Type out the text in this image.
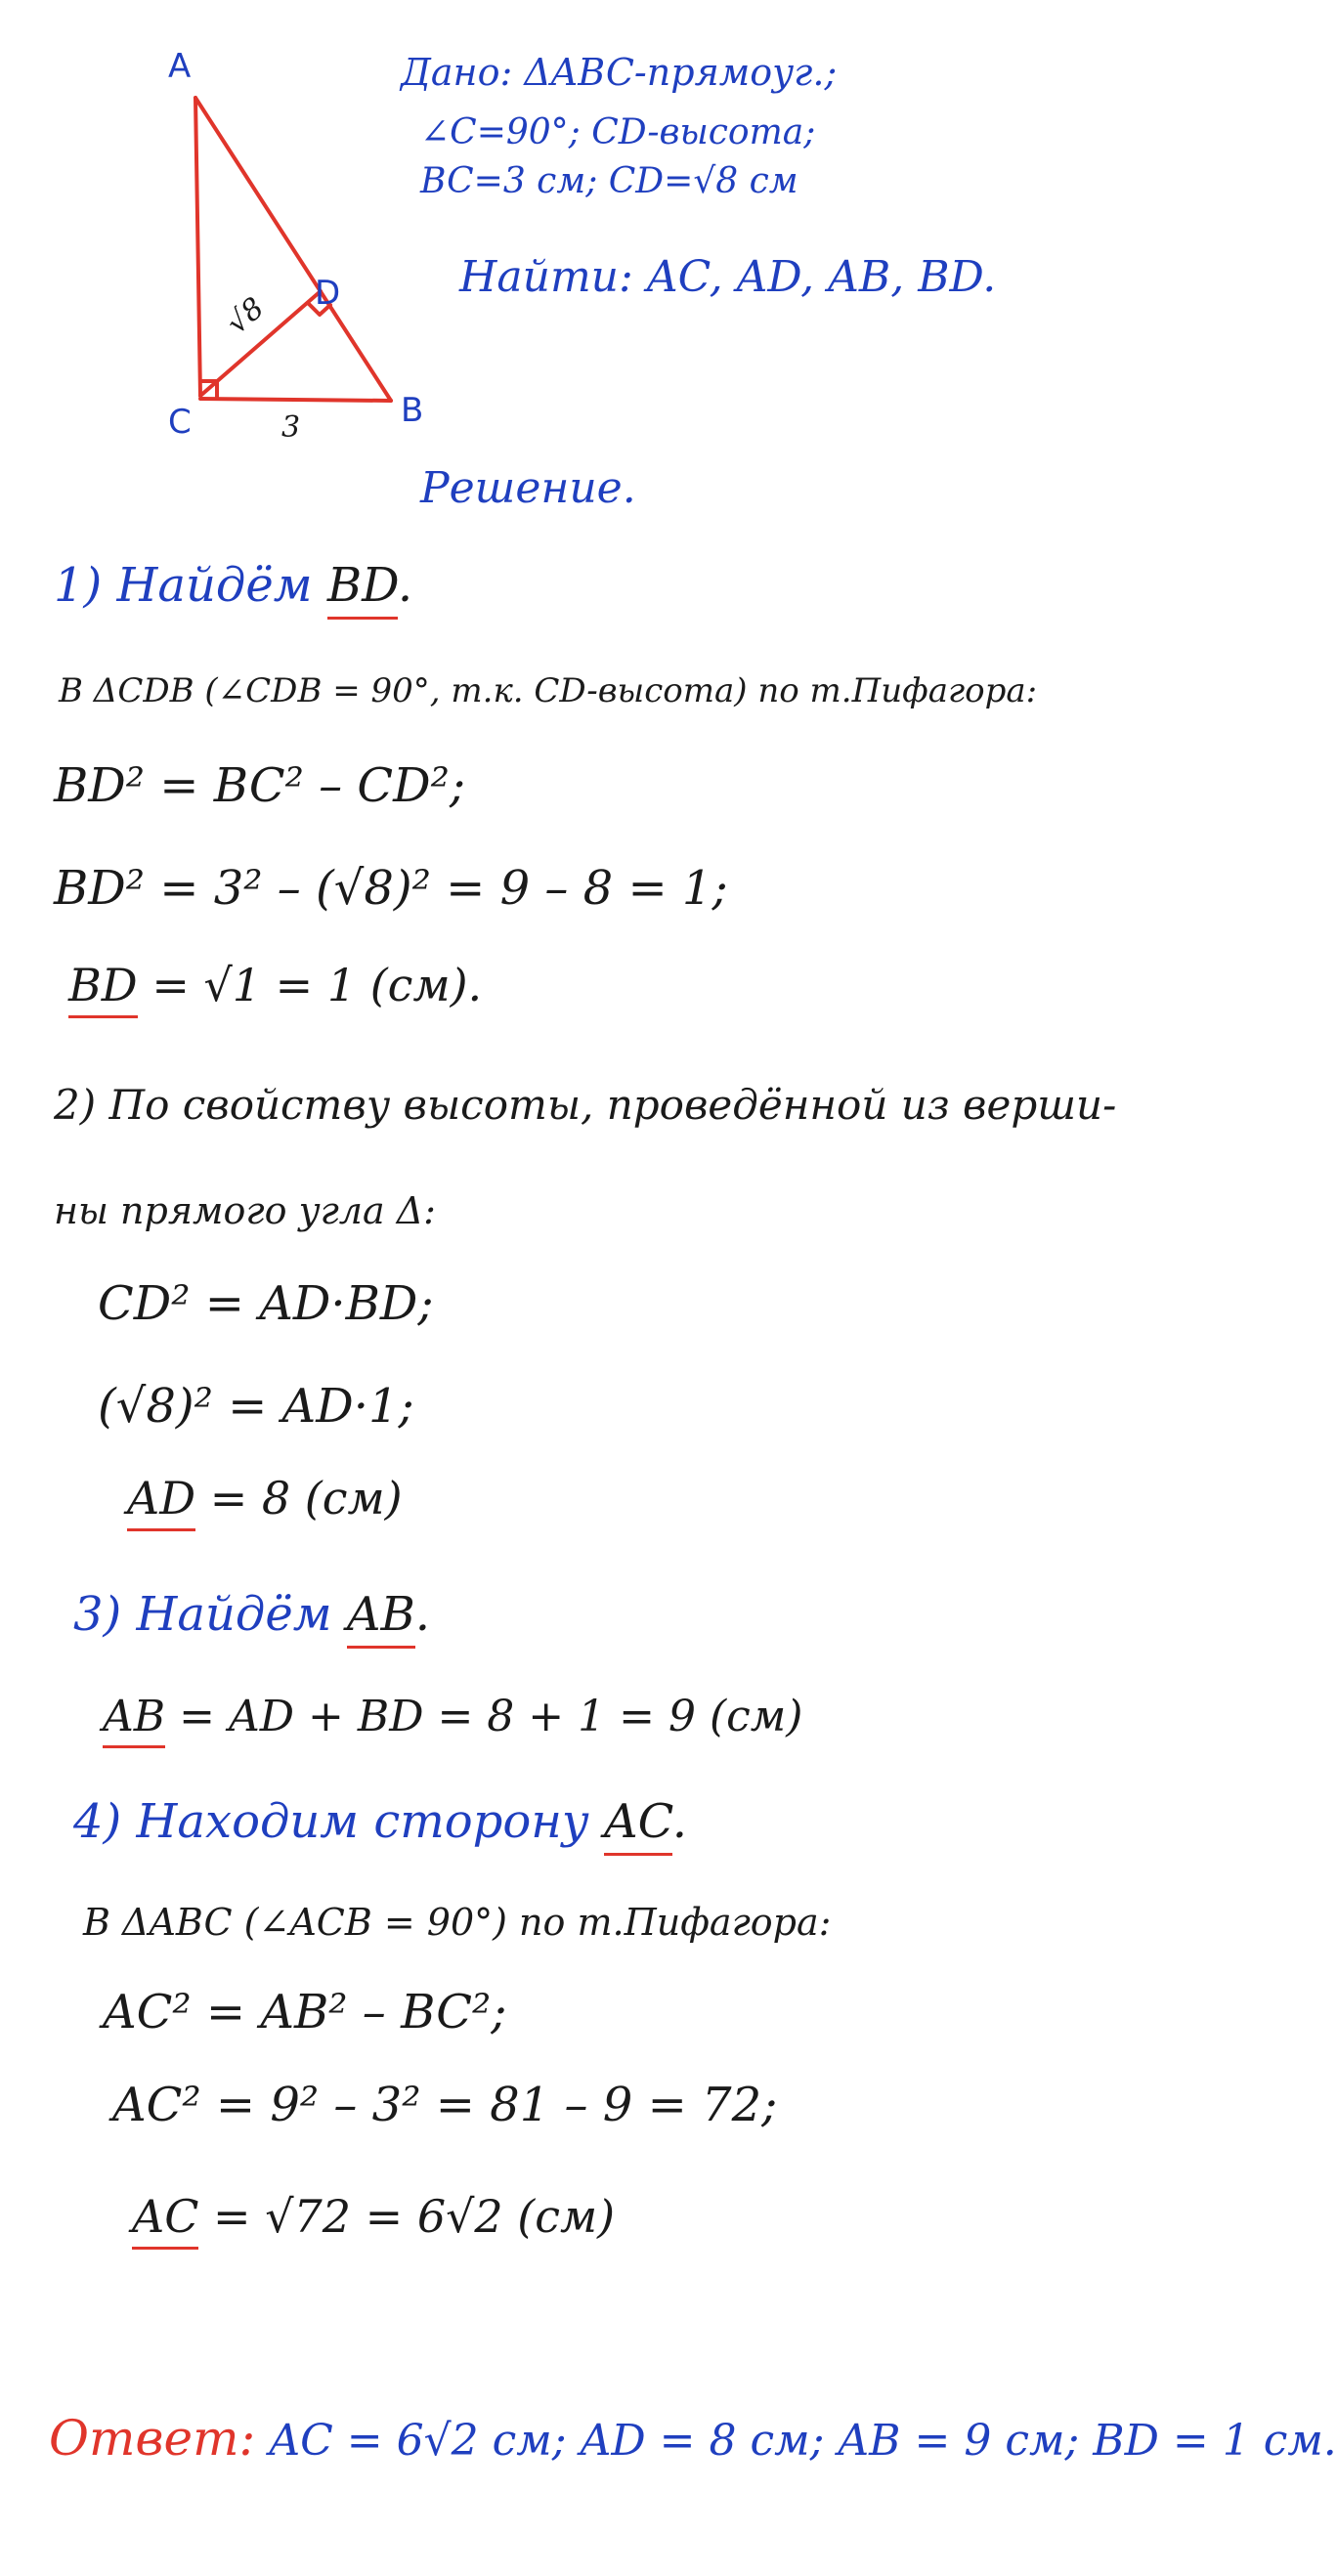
A
B
C
D
√8
3
Дано: ΔABC-прямоуг.;
∠C=90°; CD-высота;
BC=3 см; CD=√8 см
Найти: AC, AD, AB, BD.
Решение.
1) Найдём BD.
В ΔCDB (∠CDB = 90°, т.к. CD-высота) по т.Пифагора:
BD² = BC² – CD²;
BD² = 3² – (√8)² = 9 – 8 = 1;
BD = √1 = 1 (см).
2) По свойству высоты, проведённой из верши-
ны прямого угла Δ:
CD² = AD·BD;
(√8)² = AD·1;
AD = 8 (см)
3) Найдём AB.
AB = AD + BD = 8 + 1 = 9 (см)
4) Находим сторону AC.
В ΔABC (∠ACB = 90°) по т.Пифагора:
AC² = AB² – BC²;
AC² = 9² – 3² = 81 – 9 = 72;
AC = √72 = 6√2 (см)
Ответ: AC = 6√2 см; AD = 8 см; AB = 9 см; BD = 1 см.
